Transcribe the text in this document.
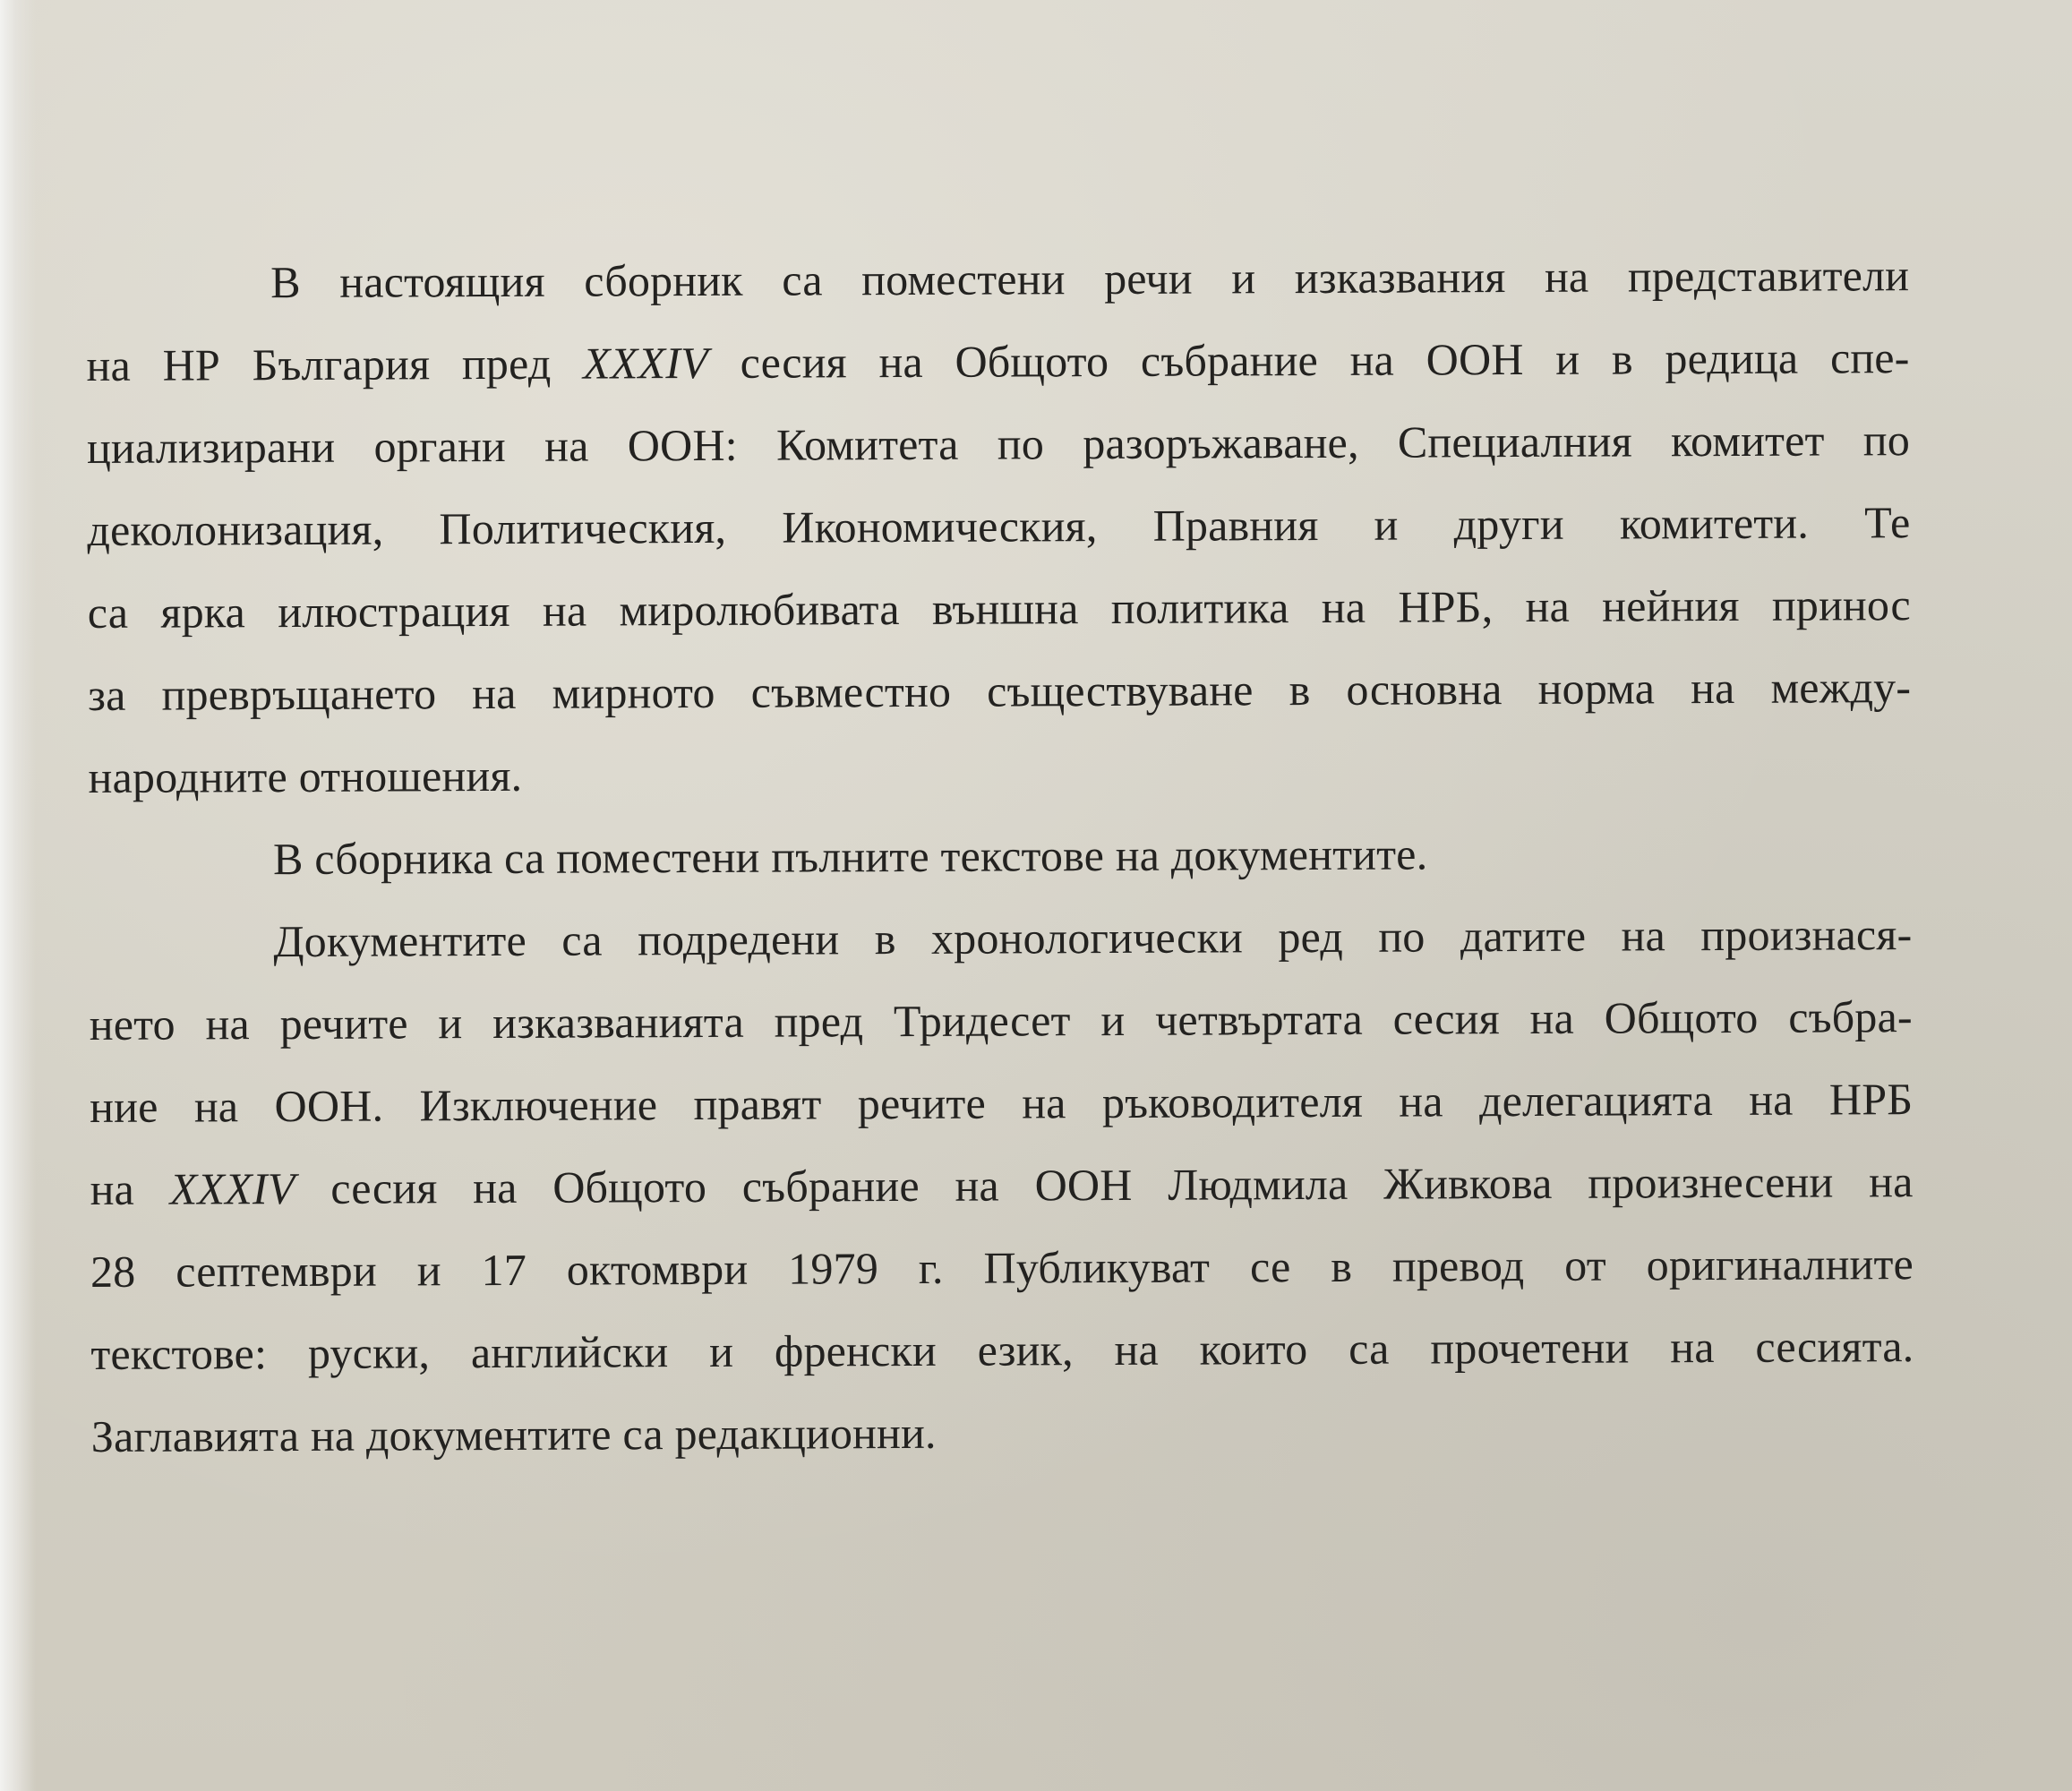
В настоящия сборник са поместени речи и изказвания на представители
на НР България пред XXXIV сесия на Общото събрание на ООН и в редица спе-
циализирани органи на ООН: Комитета по разоръжаване, Специалния комитет по
деколонизация, Политическия, Икономическия, Правния и други комитети. Те
са ярка илюстрация на миролюбивата външна политика на НРБ, на нейния принос
за превръщането на мирното съвместно съществуване в основна норма на между-
народните отношения.
В сборника са поместени пълните текстове на документите.
Документите са подредени в хронологически ред по датите на произнася-
нето на речите и изказванията пред Тридесет и четвъртата сесия на Общото събра-
ние на ООН. Изключение правят речите на ръководителя на делегацията на НРБ
на XXXIV сесия на Общото събрание на ООН Людмила Живкова произнесени на
28 септември и 17 октомври 1979 г. Публикуват се в превод от оригиналните
текстове: руски, английски и френски език, на които са прочетени на сесията.
Заглавията на документите са редакционни.
